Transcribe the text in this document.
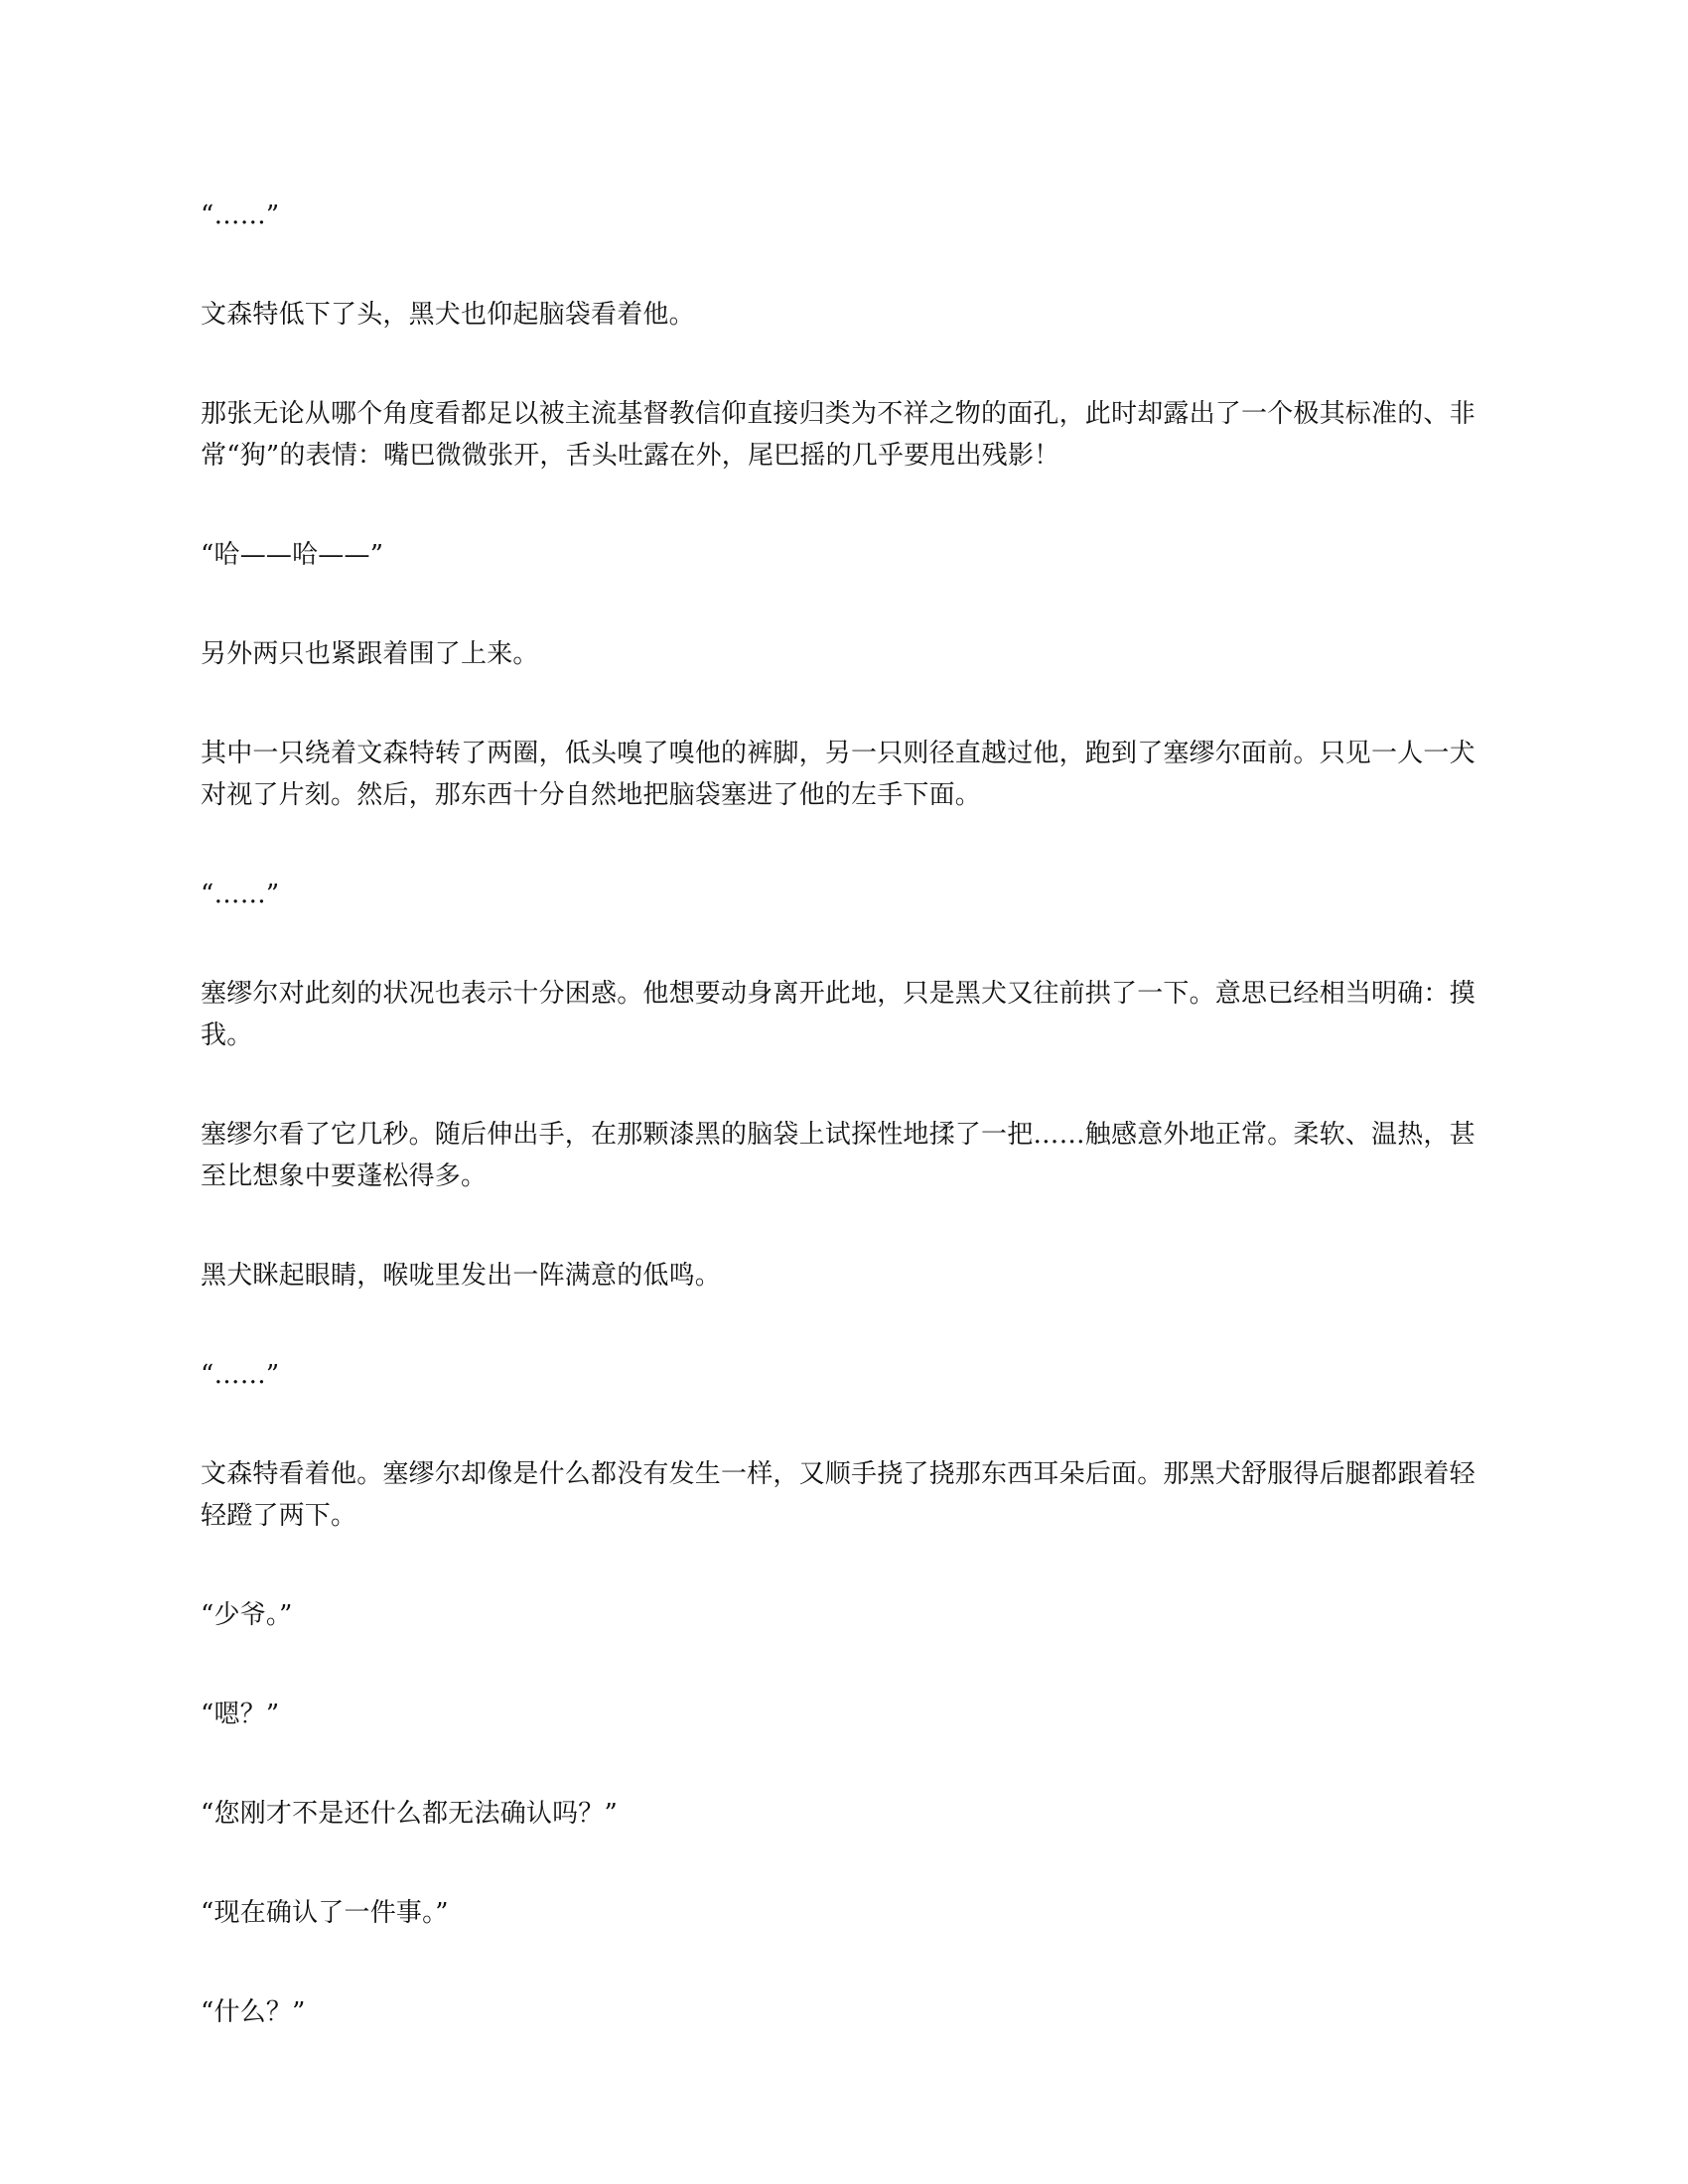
“……”

文森特低下了头，黑犬也仰起脑袋看着他。

那张无论从哪个角度看都足以被主流基督教信仰直接归类为不祥之物的面孔，此时却露出了一个极其标准的、非常“狗”的表情：嘴巴微微张开，舌头吐露在外，尾巴摇的几乎要甩出残影！

“哈——哈——”

另外两只也紧跟着围了上来。

其中一只绕着文森特转了两圈，低头嗅了嗅他的裤脚，另一只则径直越过他，跑到了塞缪尔面前。只见一人一犬对视了片刻。然后，那东西十分自然地把脑袋塞进了他的左手下面。

“……”

塞缪尔对此刻的状况也表示十分困惑。他想要动身离开此地，只是黑犬又往前拱了一下。意思已经相当明确：摸我。

塞缪尔看了它几秒。随后伸出手，在那颗漆黑的脑袋上试探性地揉了一把……触感意外地正常。柔软、温热，甚至比想象中要蓬松得多。

黑犬眯起眼睛，喉咙里发出一阵满意的低鸣。

“……”

文森特看着他。塞缪尔却像是什么都没有发生一样，又顺手挠了挠那东西耳朵后面。那黑犬舒服得后腿都跟着轻轻蹬了两下。

“少爷。”

“嗯？”

“您刚才不是还什么都无法确认吗？”

“现在确认了一件事。”

“什么？”
